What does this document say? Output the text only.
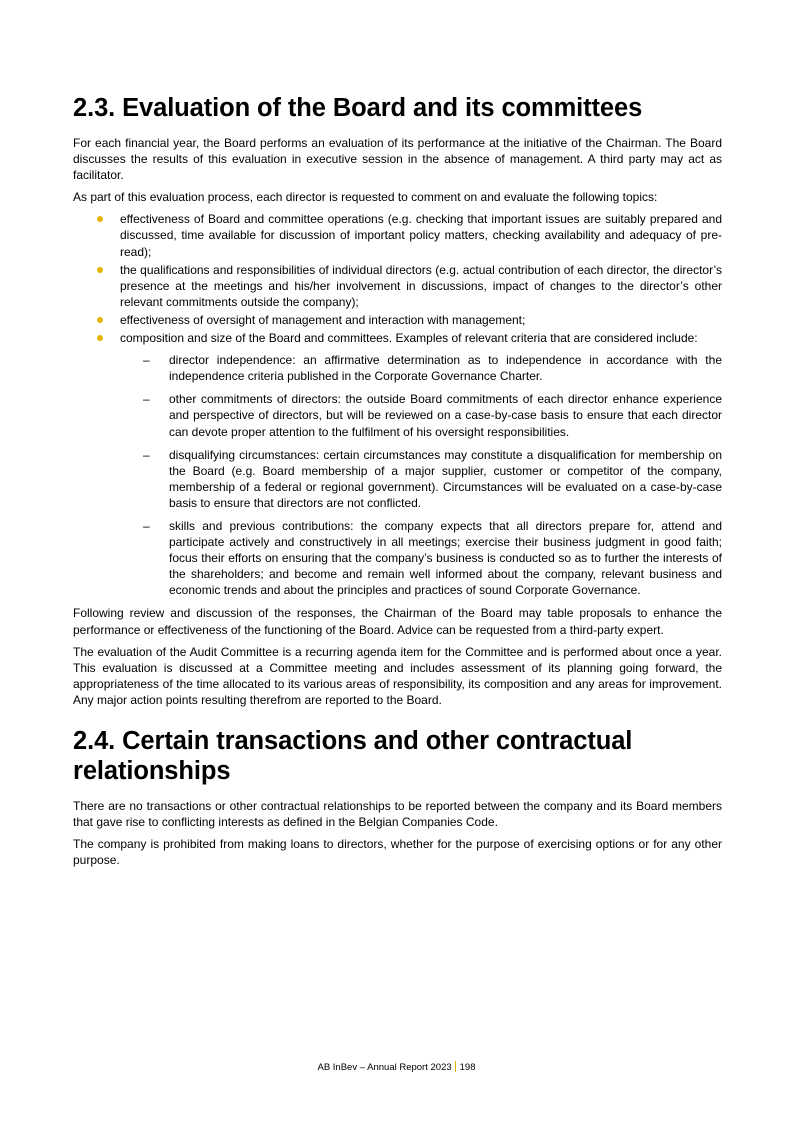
2.3. Evaluation of the Board and its committees

For each financial year, the Board performs an evaluation of its performance at the initiative of the Chairman. The Board discusses the results of this evaluation in executive session in the absence of management. A third party may act as facilitator.

As part of this evaluation process, each director is requested to comment on and evaluate the following topics:

effectiveness of Board and committee operations (e.g. checking that important issues are suitably prepared and discussed, time available for discussion of important policy matters, checking availability and adequacy of pre-read);
the qualifications and responsibilities of individual directors (e.g. actual contribution of each director, the director’s presence at the meetings and his/her involvement in discussions, impact of changes to the director’s other relevant commitments outside the company);
effectiveness of oversight of management and interaction with management;
composition and size of the Board and committees. Examples of relevant criteria that are considered include:
– director independence: an affirmative determination as to independence in accordance with the independence criteria published in the Corporate Governance Charter.
– other commitments of directors: the outside Board commitments of each director enhance experience and perspective of directors, but will be reviewed on a case-by-case basis to ensure that each director can devote proper attention to the fulfilment of his oversight responsibilities.
– disqualifying circumstances: certain circumstances may constitute a disqualification for membership on the Board (e.g. Board membership of a major supplier, customer or competitor of the company, membership of a federal or regional government). Circumstances will be evaluated on a case-by-case basis to ensure that directors are not conflicted.
– skills and previous contributions: the company expects that all directors prepare for, attend and participate actively and constructively in all meetings; exercise their business judgment in good faith; focus their efforts on ensuring that the company’s business is conducted so as to further the interests of the shareholders; and become and remain well informed about the company, relevant business and economic trends and about the principles and practices of sound Corporate Governance.

Following review and discussion of the responses, the Chairman of the Board may table proposals to enhance the performance or effectiveness of the functioning of the Board. Advice can be requested from a third-party expert.

The evaluation of the Audit Committee is a recurring agenda item for the Committee and is performed about once a year. This evaluation is discussed at a Committee meeting and includes assessment of its planning going forward, the appropriateness of the time allocated to its various areas of responsibility, its composition and any areas for improvement. Any major action points resulting therefrom are reported to the Board.

2.4. Certain transactions and other contractual relationships

There are no transactions or other contractual relationships to be reported between the company and its Board members that gave rise to conflicting interests as defined in the Belgian Companies Code.

The company is prohibited from making loans to directors, whether for the purpose of exercising options or for any other purpose.

AB InBev – Annual Report 2023 198
